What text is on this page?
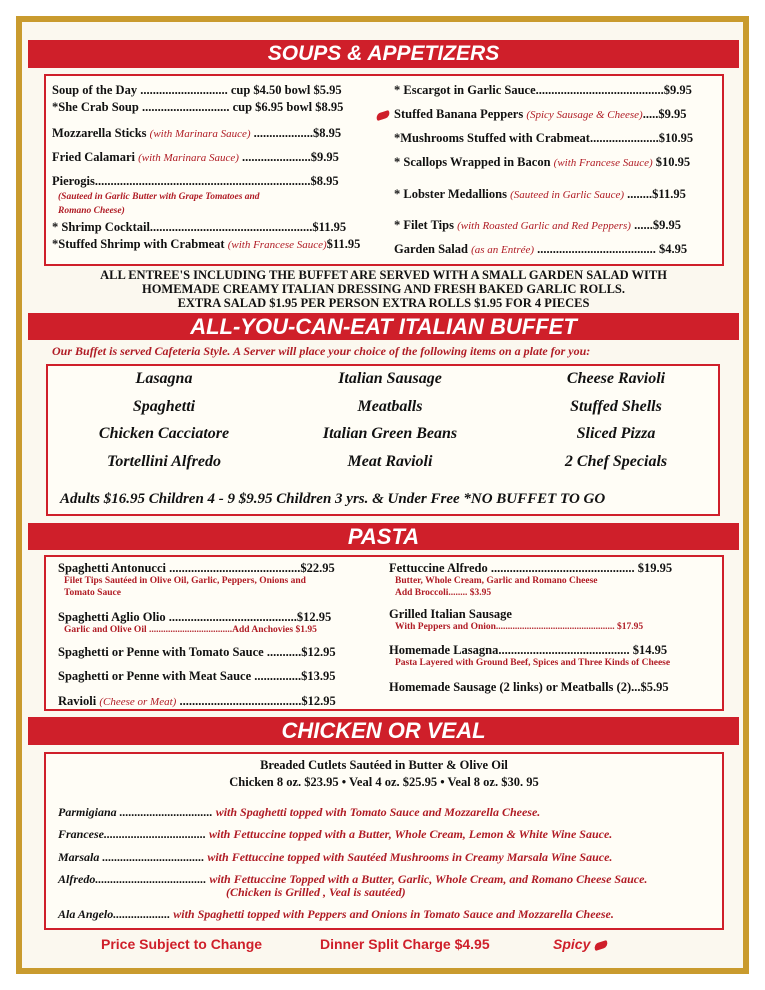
SOUPS & APPETIZERS
Soup of the Day ............................ cup $4.50 bowl $5.95
*She Crab Soup ............................ cup $6.95 bowl $8.95
Mozzarella Sticks (with Marinara Sauce) ...................$8.95
Fried Calamari (with Marinara Sauce) ......................$9.95
Pierogis.....................................................................$8.95
* Shrimp Cocktail....................................................$11.95
*Stuffed Shrimp with Crabmeat (with Francese Sauce)$11.95
* Escargot in Garlic Sauce.........................................$9.95
Stuffed Banana Peppers (Spicy Sausage & Cheese).....$9.95
*Mushrooms Stuffed with Crabmeat......................$10.95
* Scallops Wrapped in Bacon (with Francese Sauce) $10.95
* Lobster Medallions (Sauteed in Garlic Sauce) ........$11.95
* Filet Tips (with Roasted Garlic and Red Peppers) ......$9.95
Garden Salad (as an Entrée) ...................................... $4.95
(Sauteed in Garlic Butter with Grape Tomatoes and
Romano Cheese)
ALL ENTREE'S INCLUDING THE BUFFET ARE SERVED WITH A SMALL GARDEN SALAD WITH
HOMEMADE CREAMY ITALIAN DRESSING AND FRESH BAKED GARLIC ROLLS.
EXTRA SALAD $1.95 PER PERSON EXTRA ROLLS $1.95 FOR 4 PIECES
ALL-YOU-CAN-EAT ITALIAN BUFFET
Our Buffet is served Cafeteria Style. A Server will place your choice of the following items on a plate for you:
Lasagna	Italian Sausage	Cheese Ravioli
Spaghetti	Meatballs	Stuffed Shells
Chicken Cacciatore	Italian Green Beans	Sliced Pizza
Tortellini Alfredo	Meat Ravioli	2 Chef Specials
Adults $16.95 Children 4 - 9 $9.95 Children 3 yrs. & Under Free *NO BUFFET TO GO
PASTA
Spaghetti Antonucci ..........................................$22.95
Filet Tips Sautéed in Olive Oil, Garlic, Peppers, Onions and
Tomato Sauce
Spaghetti Aglio Olio .........................................$12.95
Garlic and Olive Oil ...................................Add Anchovies $1.95
Spaghetti or Penne with Tomato Sauce ...........$12.95
Spaghetti or Penne with Meat Sauce ...............$13.95
Ravioli (Cheese or Meat) .......................................$12.95
Fettuccine Alfredo .............................................. $19.95
Butter, Whole Cream, Garlic and Romano Cheese
Add Broccoli........ $3.95
Grilled Italian Sausage
With Peppers and Onion.................................................. $17.95
Homemade Lasagna.......................................... $14.95
Pasta Layered with Ground Beef, Spices and Three Kinds of Cheese
Homemade Sausage (2 links) or Meatballs (2)...$5.95
CHICKEN OR VEAL
Breaded Cutlets Sautéed in Butter & Olive Oil
Chicken 8 oz. $23.95 • Veal 4 oz. $25.95 • Veal 8 oz. $30. 95
Parmigiana ............................... with Spaghetti topped with Tomato Sauce and Mozzarella Cheese.
Francese.................................. with Fettuccine topped with a Butter, Whole Cream, Lemon & White Wine Sauce.
Marsala .................................. with Fettuccine topped with Sautéed Mushrooms in Creamy Marsala Wine Sauce.
Alfredo..................................... with Fettuccine Topped with a Butter, Garlic, Whole Cream, and Romano Cheese Sauce.
(Chicken is Grilled , Veal is sautéed)
Ala Angelo................... with Spaghetti topped with Peppers and Onions in Tomato Sauce and Mozzarella Cheese.
Price Subject to Change	Dinner Split Charge $4.95	Spicy
